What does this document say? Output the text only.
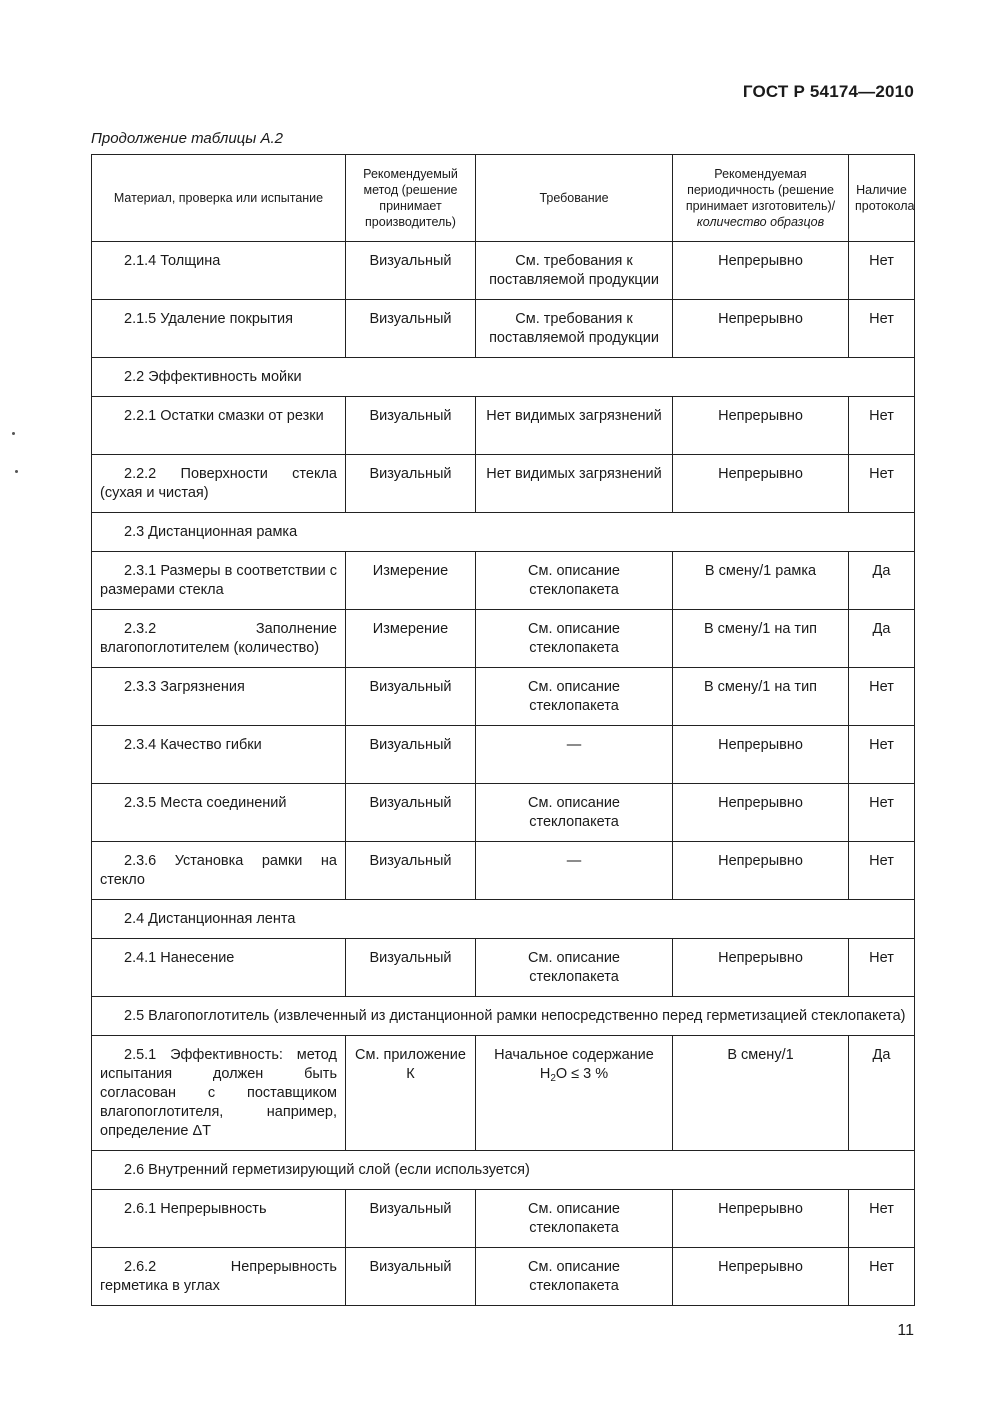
ГОСТ Р 54174—2010
Продолжение таблицы А.2
Материал, проверка или испытание	Рекомендуемый метод (решение принимает производитель)	Требование	Рекомендуемая периодичность (решение принимает изготовитель)/количество образцов	Наличие протокола
2.1.4 Толщина	Визуальный	См. требования к поставляемой продукции	Непрерывно	Нет
2.1.5 Удаление покрытия	Визуальный	См. требования к поставляемой продукции	Непрерывно	Нет
2.2 Эффективность мойки				
2.2.1 Остатки смазки от резки	Визуальный	Нет видимых загрязнений	Непрерывно	Нет
2.2.2 Поверхности стекла (сухая и чистая)	Визуальный	Нет видимых загрязнений	Непрерывно	Нет
2.3 Дистанционная рамка				
2.3.1 Размеры в соответствии с размерами стекла	Измерение	См. описание стеклопакета	В смену/1 рамка	Да
2.3.2 Заполнение влагопоглотителем (количество)	Измерение	См. описание стеклопакета	В смену/1 на тип	Да
2.3.3 Загрязнения	Визуальный	См. описание стеклопакета	В смену/1 на тип	Нет
2.3.4 Качество гибки	Визуальный	—	Непрерывно	Нет
2.3.5 Места соединений	Визуальный	См. описание стеклопакета	Непрерывно	Нет
2.3.6 Установка рамки на стекло	Визуальный	—	Непрерывно	Нет
2.4 Дистанционная лента				
2.4.1 Нанесение	Визуальный	См. описание стеклопакета	Непрерывно	Нет
2.5 Влагопоглотитель (извлеченный из дистанционной рамки непосредственно перед герметизацией стеклопакета)				
2.5.1 Эффективность: метод испытания должен быть согласован с поставщиком влагопоглотителя, например, определение ΔT	См. приложение К	Начальное содержание $H_2O \le 3$ %	В смену/1	Да
2.6 Внутренний герметизирующий слой (если используется)				
2.6.1 Непрерывность	Визуальный	См. описание стеклопакета	Непрерывно	Нет
2.6.2 Непрерывность герметика в углах	Визуальный	См. описание стеклопакета	Непрерывно	Нет
11
